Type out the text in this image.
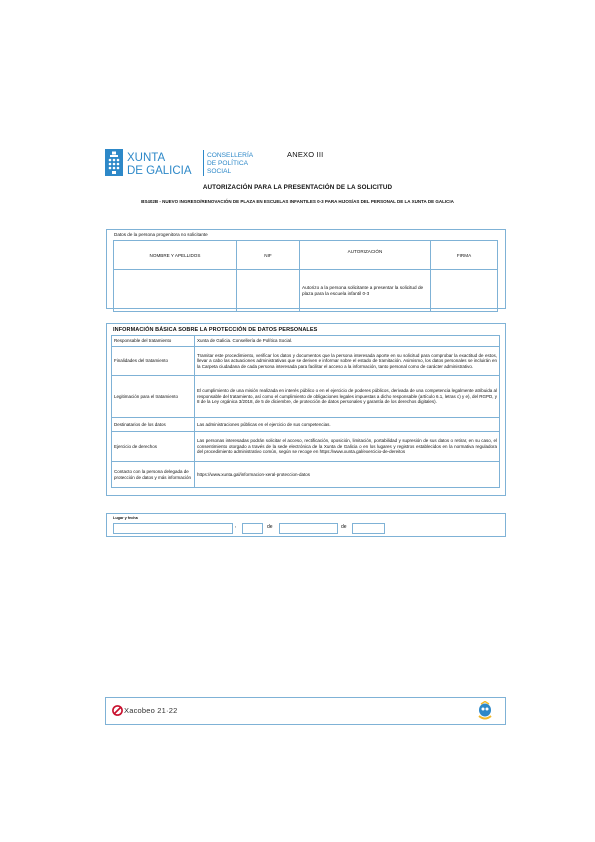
XUNTA
DE GALICIA
CONSELLERÍA
DE POLÍTICA
SOCIAL
ANEXO III
AUTORIZACIÓN PARA LA PRESENTACIÓN DE LA SOLICITUD
BS402B - NUEVO INGRESO/RENOVACIÓN DE PLAZA EN ESCUELAS INFANTILES 0-3 PARA HIJOS/AS DEL PERSONAL DE LA XUNTA DE GALICIA
Datos de la persona progenitora no solicitante
NOMBRE Y APELLIDOS	NIF	AUTORIZACIÓN	FIRMA
		Autorizo a la persona solicitante a presentar la solicitud de plaza para la escuela infantil 0-3	
INFORMACIÓN BÁSICA SOBRE LA PROTECCIÓN DE DATOS PERSONALES
Responsable del tratamiento	Xunta de Galicia. Consellería de Política Social.
Finalidades del tratamiento	Tramitar este procedimiento, verificar los datos y documentos que la persona interesada aporte en su solicitud para comprobar la exactitud de estos, llevar a cabo las actuaciones administrativas que se deriven e informar sobre el estado de tramitación. Asimismo, los datos personales se incluirán en la Carpeta ciudadana de cada persona interesada para facilitar el acceso a la información, tanto personal como de carácter administrativo.
Legitimación para el tratamiento	El cumplimiento de una misión realizada en interés público o en el ejercicio de poderes públicos, derivada de una competencia legalmente atribuida al responsable del tratamiento, así como el cumplimiento de obligaciones legales impuestas a dicho responsable (artículo 6.1, letras c) y e), del RGPD, y 8 de la Ley orgánica 3/2018, de 5 de diciembre, de protección de datos personales y garantía de los derechos digitales).
Destinatarios de los datos	Las administraciones públicas en el ejercicio de sus competencias.
Ejercicio de derechos	Las personas interesadas podrán solicitar el acceso, rectificación, oposición, limitación, portabilidad y supresión de sus datos o retirar, en su caso, el consentimiento otorgado a través de la sede electrónica de la Xunta de Galicia o en los lugares y registros establecidos en la normativa reguladora del procedimiento administrativo común, según se recoge en https://www.xunta.gal/exercicio-de-dereitos
Contacto con la persona delegada de protección de datos y más información	https://www.xunta.gal/informacion-xeral-proteccion-datos
Lugar y fecha
,	de	de
Xacobeo 21·22
